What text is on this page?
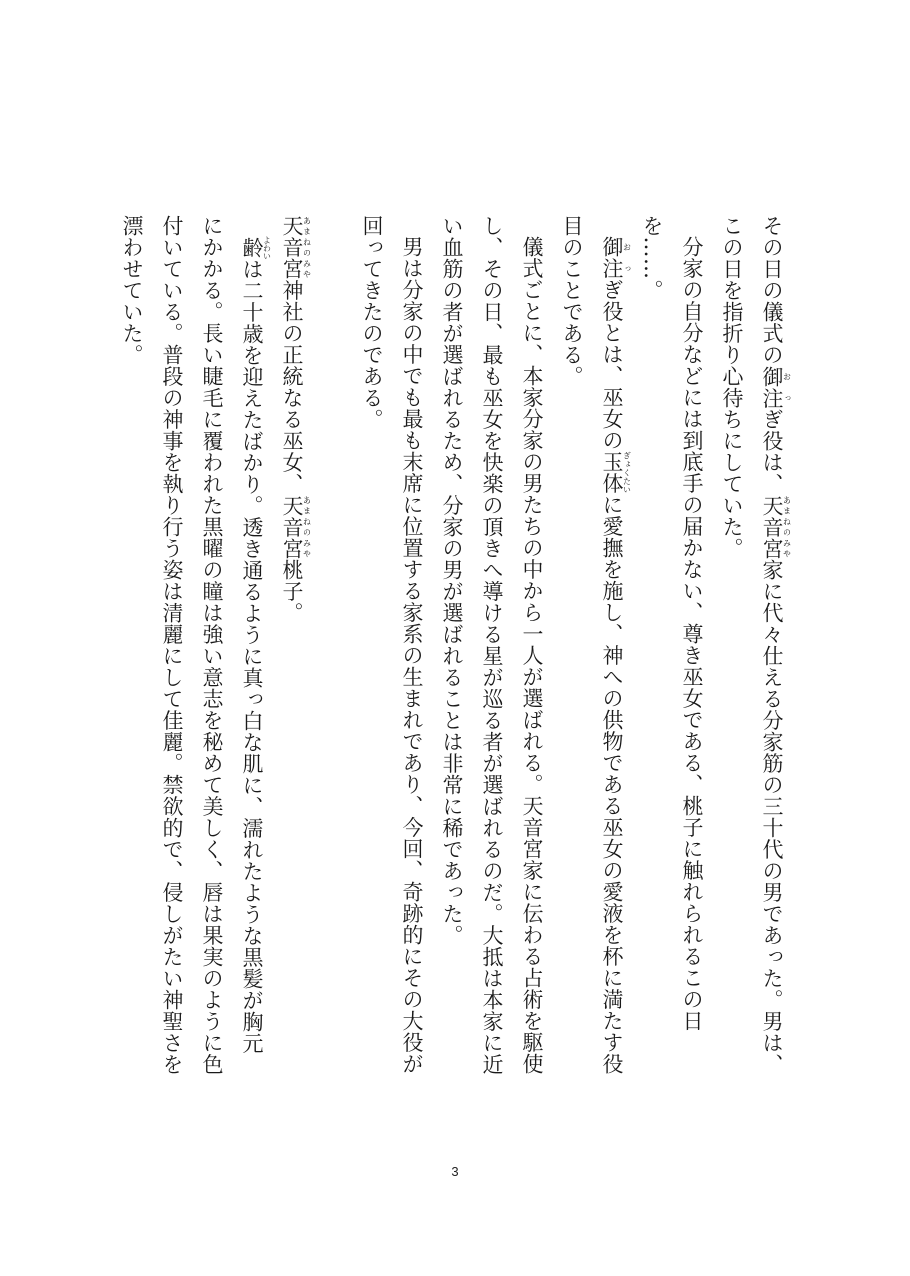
その日の儀式の御注おっぎ役は、天音宮あまねのみや家に代々仕える分家筋の三十代の男であった。男は、この日を指折り心待ちにしていた。

分家の自分などには到底手の届かない、尊き巫女である、桃子に触れられるこの日を……。

御注おっぎ役とは、巫女の玉体ぎょくたいに愛撫を施し、神への供物である巫女の愛液を杯に満たす役目のことである。

儀式ごとに、本家分家の男たちの中から一人が選ばれる。天音宮家に伝わる占術を駆使し、その日、最も巫女を快楽の頂きへ導ける星が巡る者が選ばれるのだ。大抵は本家に近い血筋の者が選ばれるため、分家の男が選ばれることは非常に稀であった。

男は分家の中でも最も末席に位置する家系の生まれであり、今回、奇跡的にその大役が回ってきたのである。

天音宮あまねのみや神社の正統なる巫女、天音宮あまねのみや桃子。

齢よわいは二十歳を迎えたばかり。透き通るように真っ白な肌に、濡れたような黒髪が胸元にかかる。長い睫毛に覆われた黒曜の瞳は強い意志を秘めて美しく、唇は果実のように色付いている。普段の神事を執り行う姿は清麗にして佳麗。禁欲的で、侵しがたい神聖さを漂わせていた。

3
